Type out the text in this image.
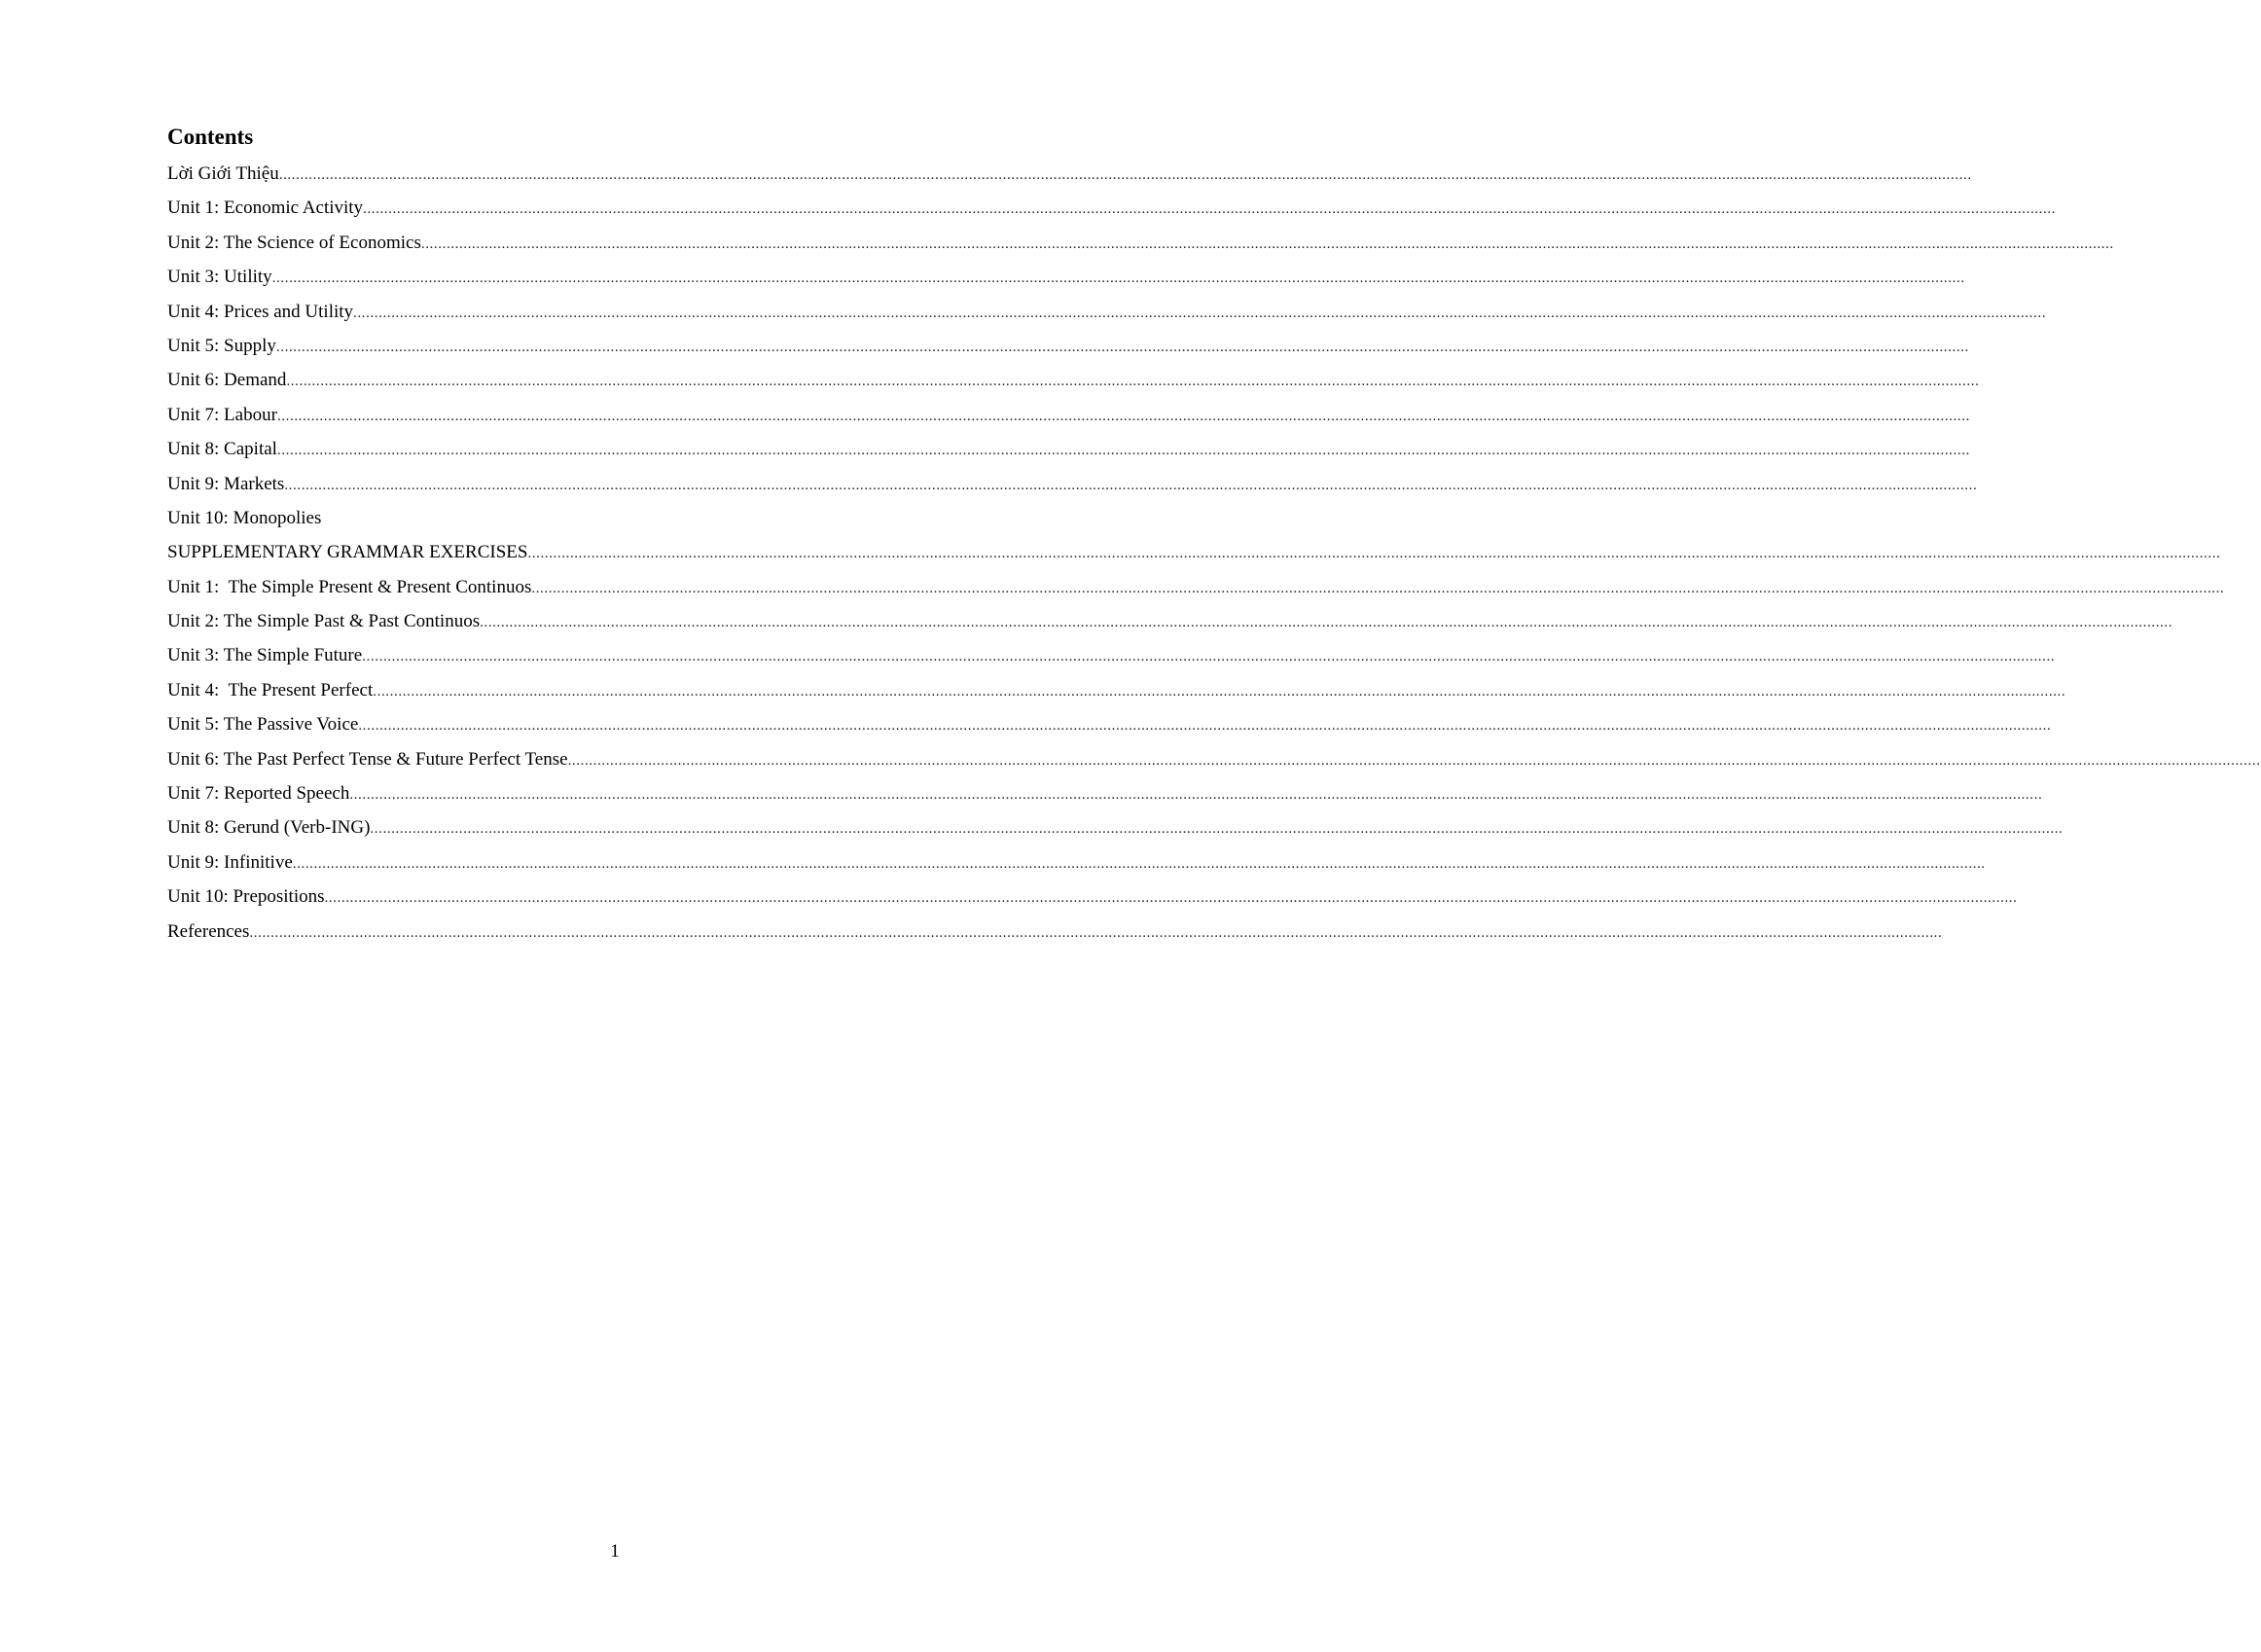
Contents
Lời Giới Thiệu ................................................................................................................................................................................................................................................................................................................................................................................................................
Unit 1: Economic Activity ................................................................................................................................................................................................................................................................................................................................................................................................................
Unit 2: The Science of Economics ................................................................................................................................................................................................................................................................................................................................................................................................................
Unit 3: Utility ................................................................................................................................................................................................................................................................................................................................................................................................................
Unit 4: Prices and Utility ................................................................................................................................................................................................................................................................................................................................................................................................................
Unit 5: Supply ................................................................................................................................................................................................................................................................................................................................................................................................................
Unit 6: Demand ................................................................................................................................................................................................................................................................................................................................................................................................................
Unit 7: Labour ................................................................................................................................................................................................................................................................................................................................................................................................................
Unit 8: Capital ................................................................................................................................................................................................................................................................................................................................................................................................................
Unit 9: Markets ................................................................................................................................................................................................................................................................................................................................................................................................................
Unit 10: Monopolies
SUPPLEMENTARY GRAMMAR EXERCISES ................................................................................................................................................................................................................................................................................................................................................................................................................
Unit 1:  The Simple Present & Present Continuos ................................................................................................................................................................................................................................................................................................................................................................................................................
Unit 2: The Simple Past & Past Continuos ................................................................................................................................................................................................................................................................................................................................................................................................................
Unit 3: The Simple Future ................................................................................................................................................................................................................................................................................................................................................................................................................
Unit 4:  The Present Perfect ................................................................................................................................................................................................................................................................................................................................................................................................................
Unit 5: The Passive Voice ................................................................................................................................................................................................................................................................................................................................................................................................................
Unit 6: The Past Perfect Tense & Future Perfect Tense ................................................................................................................................................................................................................................................................................................................................................................................................................
Unit 7: Reported Speech ................................................................................................................................................................................................................................................................................................................................................................................................................
Unit 8: Gerund (Verb-ING) ................................................................................................................................................................................................................................................................................................................................................................................................................
Unit 9: Infinitive ................................................................................................................................................................................................................................................................................................................................................................................................................
Unit 10: Prepositions ................................................................................................................................................................................................................................................................................................................................................................................................................
References ................................................................................................................................................................................................................................................................................................................................................................................................................
1
